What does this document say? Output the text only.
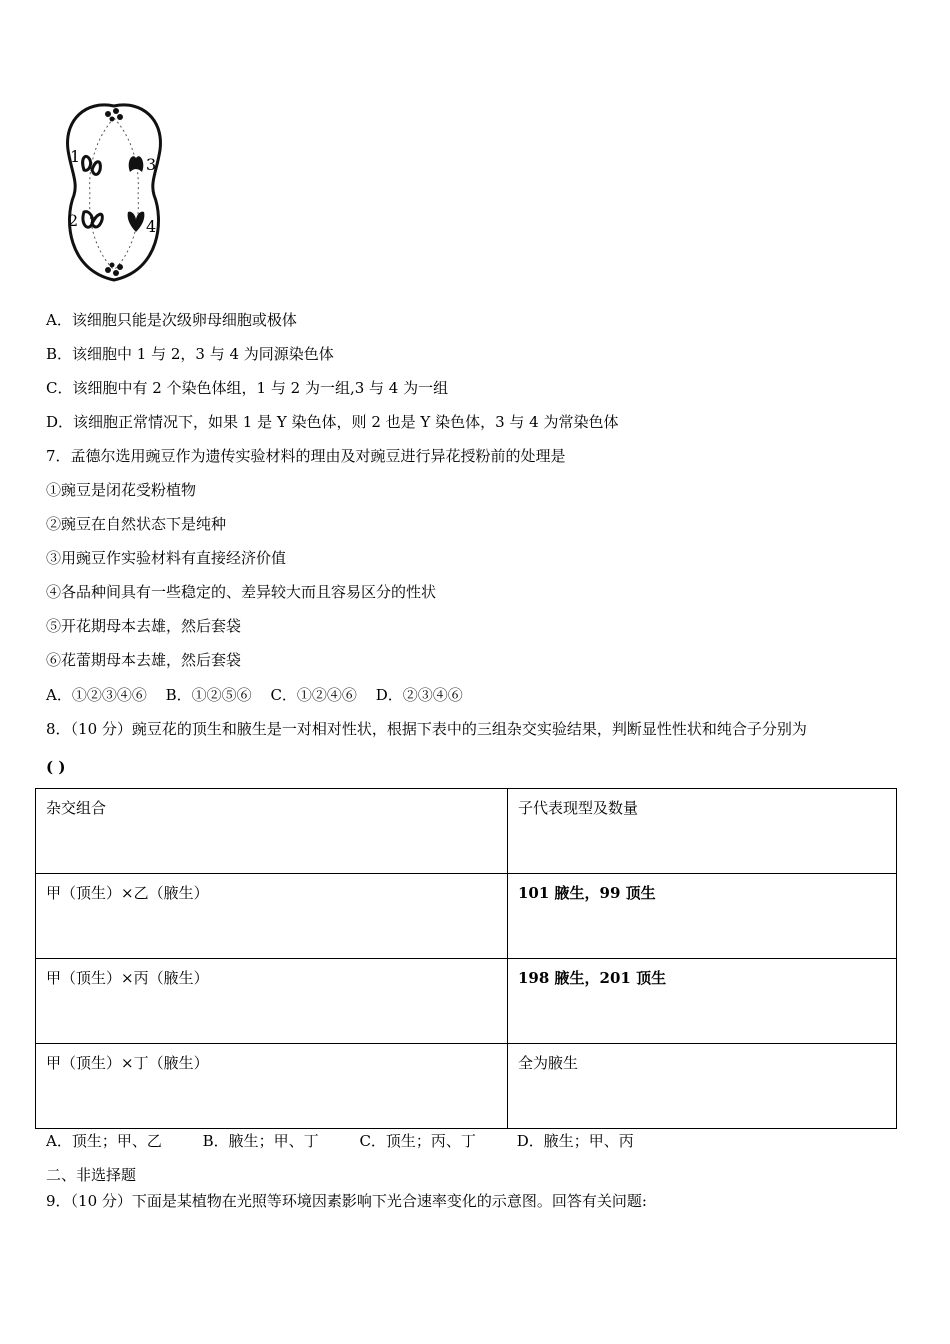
1
2
3
4
A．该细胞只能是次级卵母细胞或极体
B．该细胞中 1 与 2，3 与 4 为同源染色体
C．该细胞中有 2 个染色体组，1 与 2 为一组,3 与 4 为一组
D．该细胞正常情况下，如果 1 是 Y 染色体，则 2 也是 Y 染色体，3 与 4 为常染色体
7．孟德尔选用豌豆作为遗传实验材料的理由及对豌豆进行异花授粉前的处理是
①豌豆是闭花受粉植物
②豌豆在自然状态下是纯种
③用豌豆作实验材料有直接经济价值
④各品种间具有一些稳定的、差异较大而且容易区分的性状
⑤开花期母本去雄，然后套袋
⑥花蕾期母本去雄，然后套袋
A．①②③④⑥ B．①②⑤⑥ C．①②④⑥ D．②③④⑥
8．（10 分）豌豆花的顶生和腋生是一对相对性状，根据下表中的三组杂交实验结果，判断显性性状和纯合子分别为
( )
杂交组合	子代表现型及数量
甲（顶生）×乙（腋生）	101 腋生，99 顶生
甲（顶生）×丙（腋生）	198 腋生，201 顶生
甲（顶生）×丁（腋生）	全为腋生
A．顶生；甲、乙	B．腋生；甲、丁	C．顶生；丙、丁	D．腋生；甲、丙
二、非选择题
9．（10 分）下面是某植物在光照等环境因素影响下光合速率变化的示意图。回答有关问题:
